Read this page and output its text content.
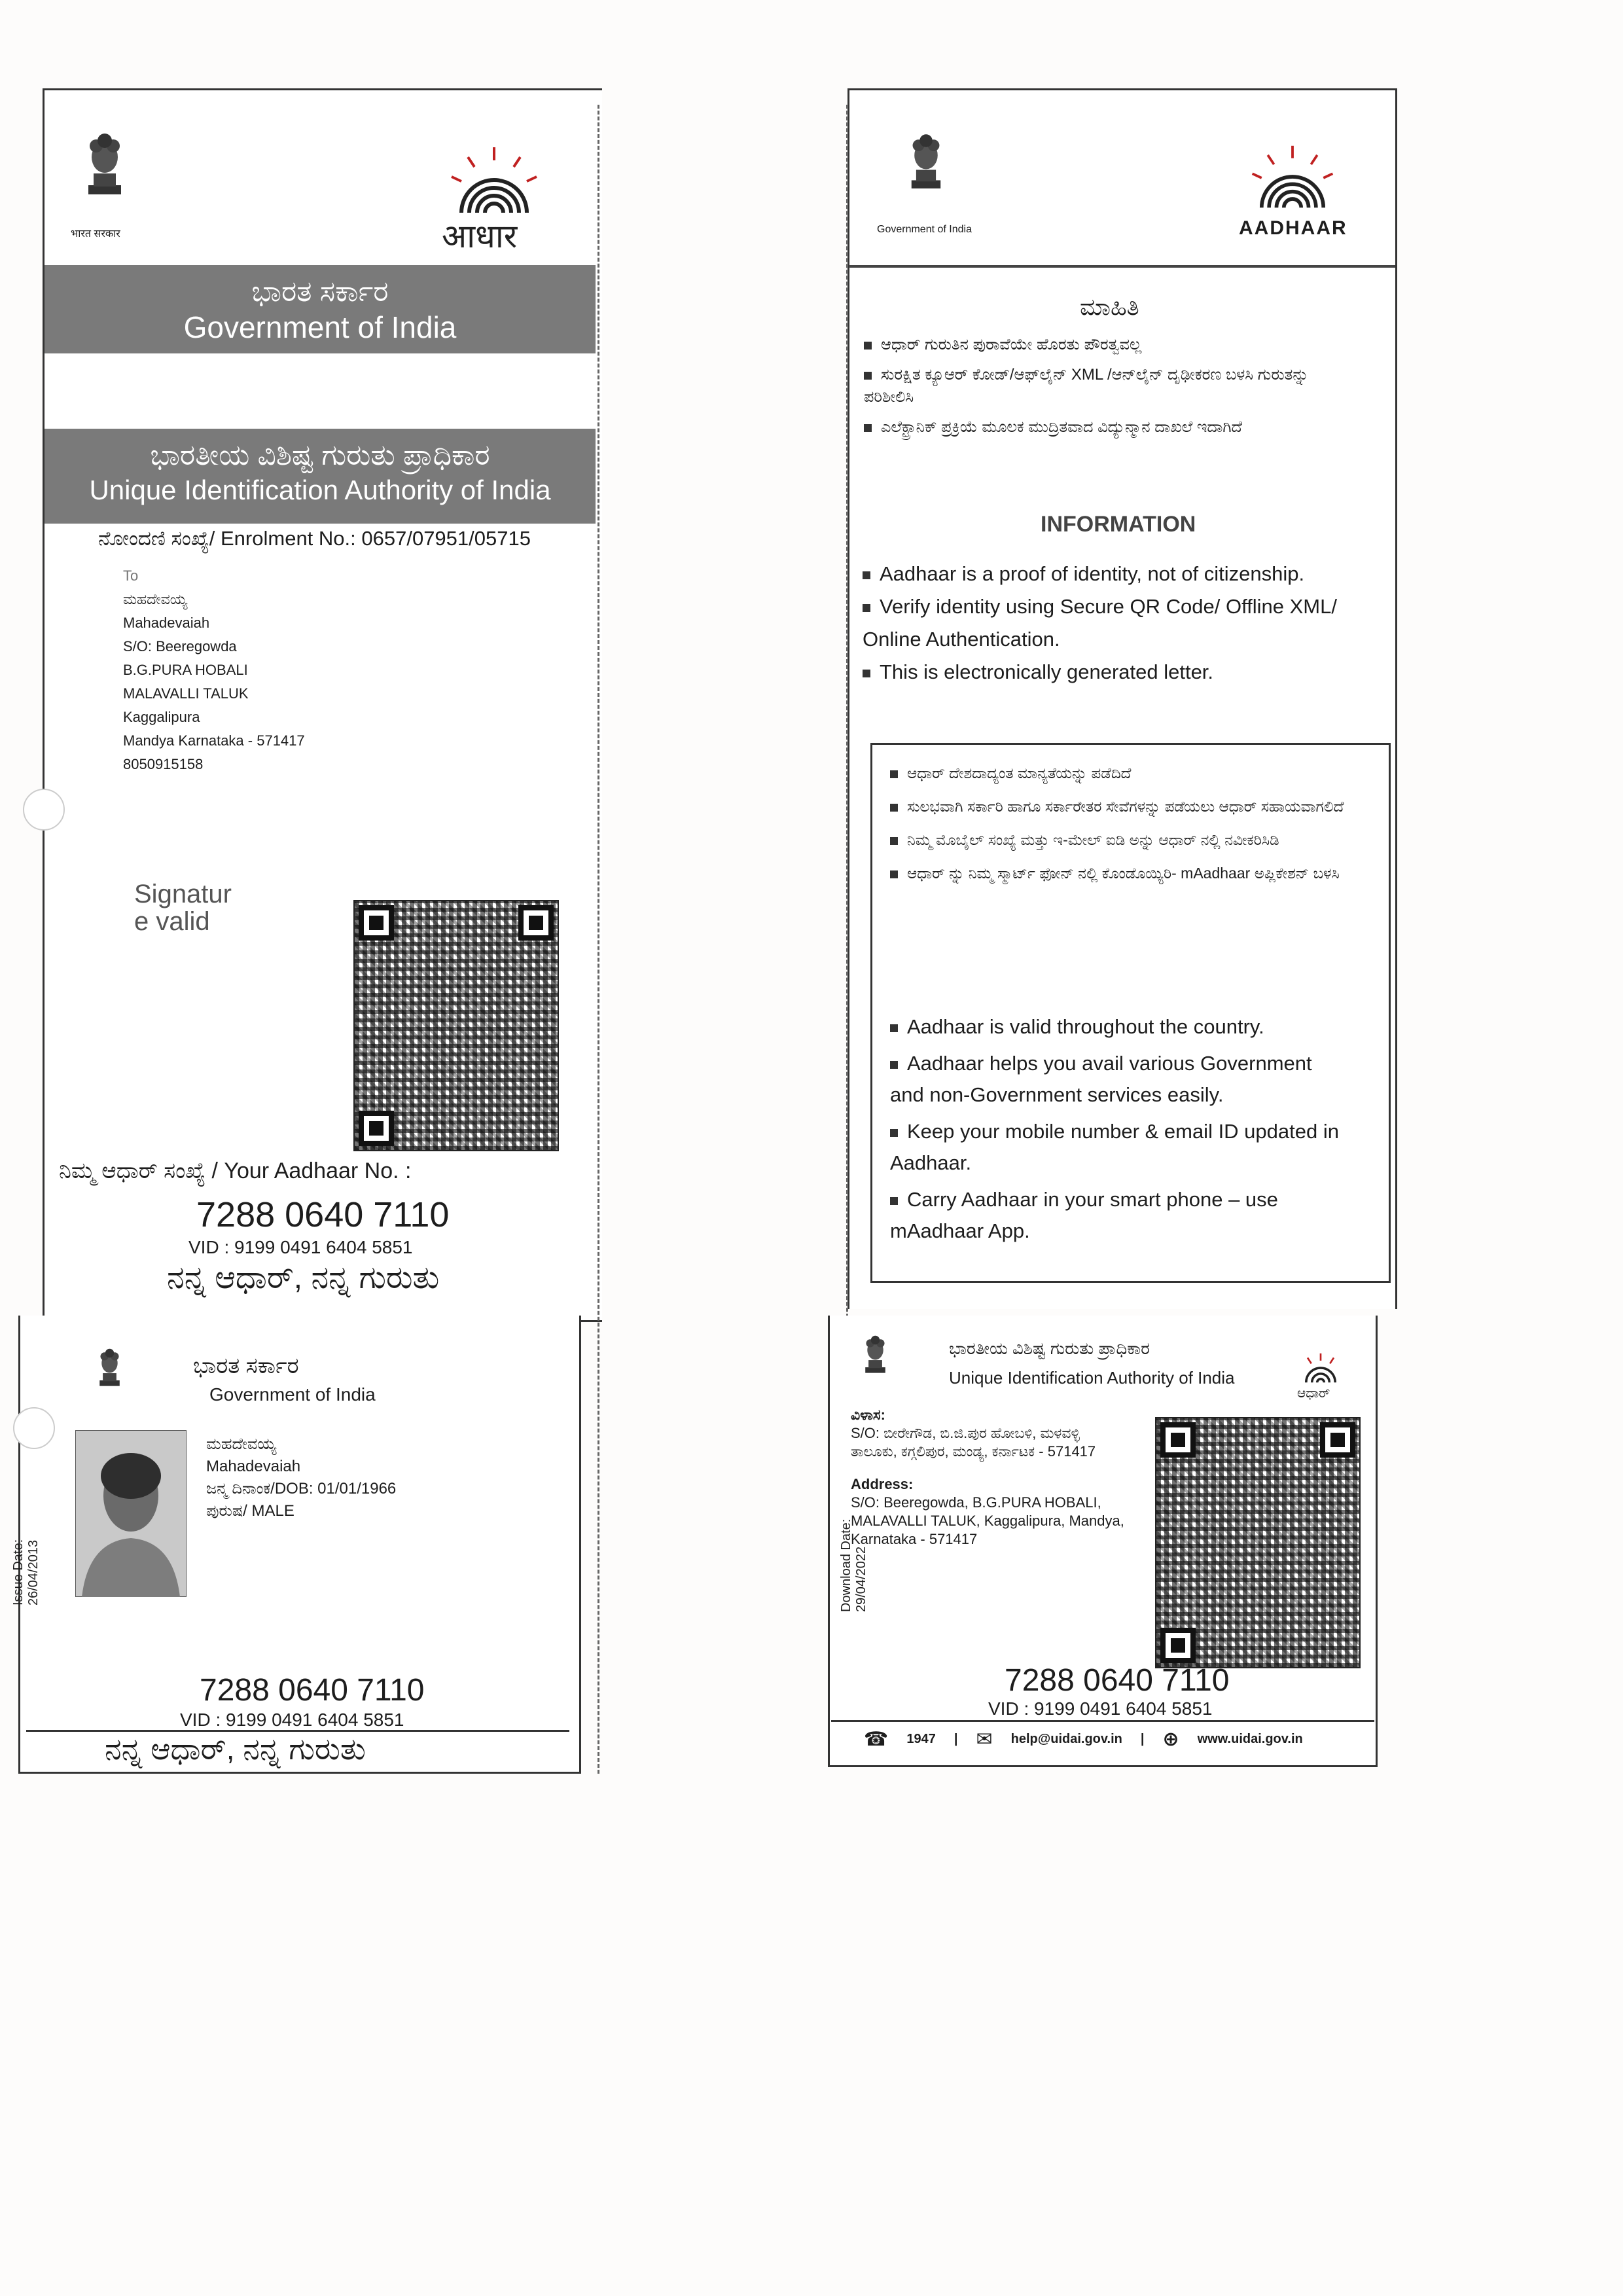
भारत सरकार	आधार
ಭಾರತ ಸರ್ಕಾರ
Government of India
ಭಾರತೀಯ ವಿಶಿಷ್ಟ ಗುರುತು ಪ್ರಾಧಿಕಾರ
Unique Identification Authority of India
ನೋಂದಣಿ ಸಂಖ್ಯೆ/ Enrolment No.: 0657/07951/05715
To
ಮಹದೇವಯ್ಯ
Mahadevaiah
S/O: Beeregowda
B.G.PURA HOBALI
MALAVALLI TALUK
Kaggalipura
Mandya Karnataka - 571417
8050915158
Signatur e valid
ನಿಮ್ಮ ಆಧಾರ್ ಸಂಖ್ಯೆ / Your Aadhaar No. :
7288 0640 7110
VID : 9199 0491 6404 5851
ನನ್ನ ಆಧಾರ್, ನನ್ನ ಗುರುತು
ಭಾರತ ಸರ್ಕಾರ
Government of India
Issue Date: 26/04/2013
ಮಹದೇವಯ್ಯ
Mahadevaiah
ಜನ್ಮ ದಿನಾಂಕ/DOB: 01/01/1966
ಪುರುಷ/ MALE
7288 0640 7110
VID : 9199 0491 6404 5851
ನನ್ನ ಆಧಾರ್, ನನ್ನ ಗುರುತು
Government of India	AADHAAR
ಮಾಹಿತಿ
ಆಧಾರ್ ಗುರುತಿನ ಪುರಾವೆಯೇ ಹೊರತು ಪೌರತ್ವವಲ್ಲ
ಸುರಕ್ಷಿತ ಕ್ಯೂಆರ್ ಕೋಡ್/ಆಫ್‌ಲೈನ್ XML /ಆನ್‌ಲೈನ್ ದೃಢೀಕರಣ ಬಳಸಿ ಗುರುತನ್ನು ಪರಿಶೀಲಿಸಿ
ಎಲೆಕ್ಟ್ರಾನಿಕ್ ಪ್ರಕ್ರಿಯೆ ಮೂಲಕ ಮುದ್ರಿತವಾದ ವಿದ್ಯುನ್ಮಾನ ದಾಖಲೆ ಇದಾಗಿದೆ
INFORMATION
Aadhaar is a proof of identity, not of citizenship.
Verify identity using Secure QR Code/ Offline XML/ Online Authentication.
This is electronically generated letter.
ಆಧಾರ್ ದೇಶದಾದ್ಯಂತ ಮಾನ್ಯತೆಯನ್ನು ಪಡೆದಿದೆ
ಸುಲಭವಾಗಿ ಸರ್ಕಾರಿ ಹಾಗೂ ಸರ್ಕಾರೇತರ ಸೇವೆಗಳನ್ನು ಪಡೆಯಲು ಆಧಾರ್ ಸಹಾಯವಾಗಲಿದೆ
ನಿಮ್ಮ ಮೊಬೈಲ್ ಸಂಖ್ಯೆ ಮತ್ತು ಇ-ಮೇಲ್ ಐಡಿ ಅನ್ನು ಆಧಾರ್ ನಲ್ಲಿ ನವೀಕರಿಸಿಡಿ
ಆಧಾರ್ ನ್ನು ನಿಮ್ಮ ಸ್ಮಾರ್ಟ್ ಫೋನ್ ನಲ್ಲಿ ಕೊಂಡೊಯ್ಯಿರಿ- mAadhaar ಅಪ್ಲಿಕೇಶನ್ ಬಳಸಿ
Aadhaar is valid throughout the country.
Aadhaar helps you avail various Government and non-Government services easily.
Keep your mobile number & email ID updated in Aadhaar.
Carry Aadhaar in your smart phone – use mAadhaar App.
ಭಾರತೀಯ ವಿಶಿಷ್ಟ ಗುರುತು ಪ್ರಾಧಿಕಾರ
Unique Identification Authority of India
ಆಧಾರ್
Download Date: 29/04/2022
ವಿಳಾಸ:
S/O: ಬೀರೇಗೌಡ, ಬಿ.ಜಿ.ಪುರ ಹೋಬಳಿ, ಮಳವಳ್ಳಿ ತಾಲೂಕು, ಕಗ್ಗಲಿಪುರ, ಮಂಡ್ಯ, ಕರ್ನಾಟಕ - 571417
Address:
S/O: Beeregowda, B.G.PURA HOBALI, MALAVALLI TALUK, Kaggalipura, Mandya, Karnataka - 571417
7288 0640 7110
VID : 9199 0491 6404 5851
☎ 1947 | ✉ help@uidai.gov.in | ⊕ www.uidai.gov.in
